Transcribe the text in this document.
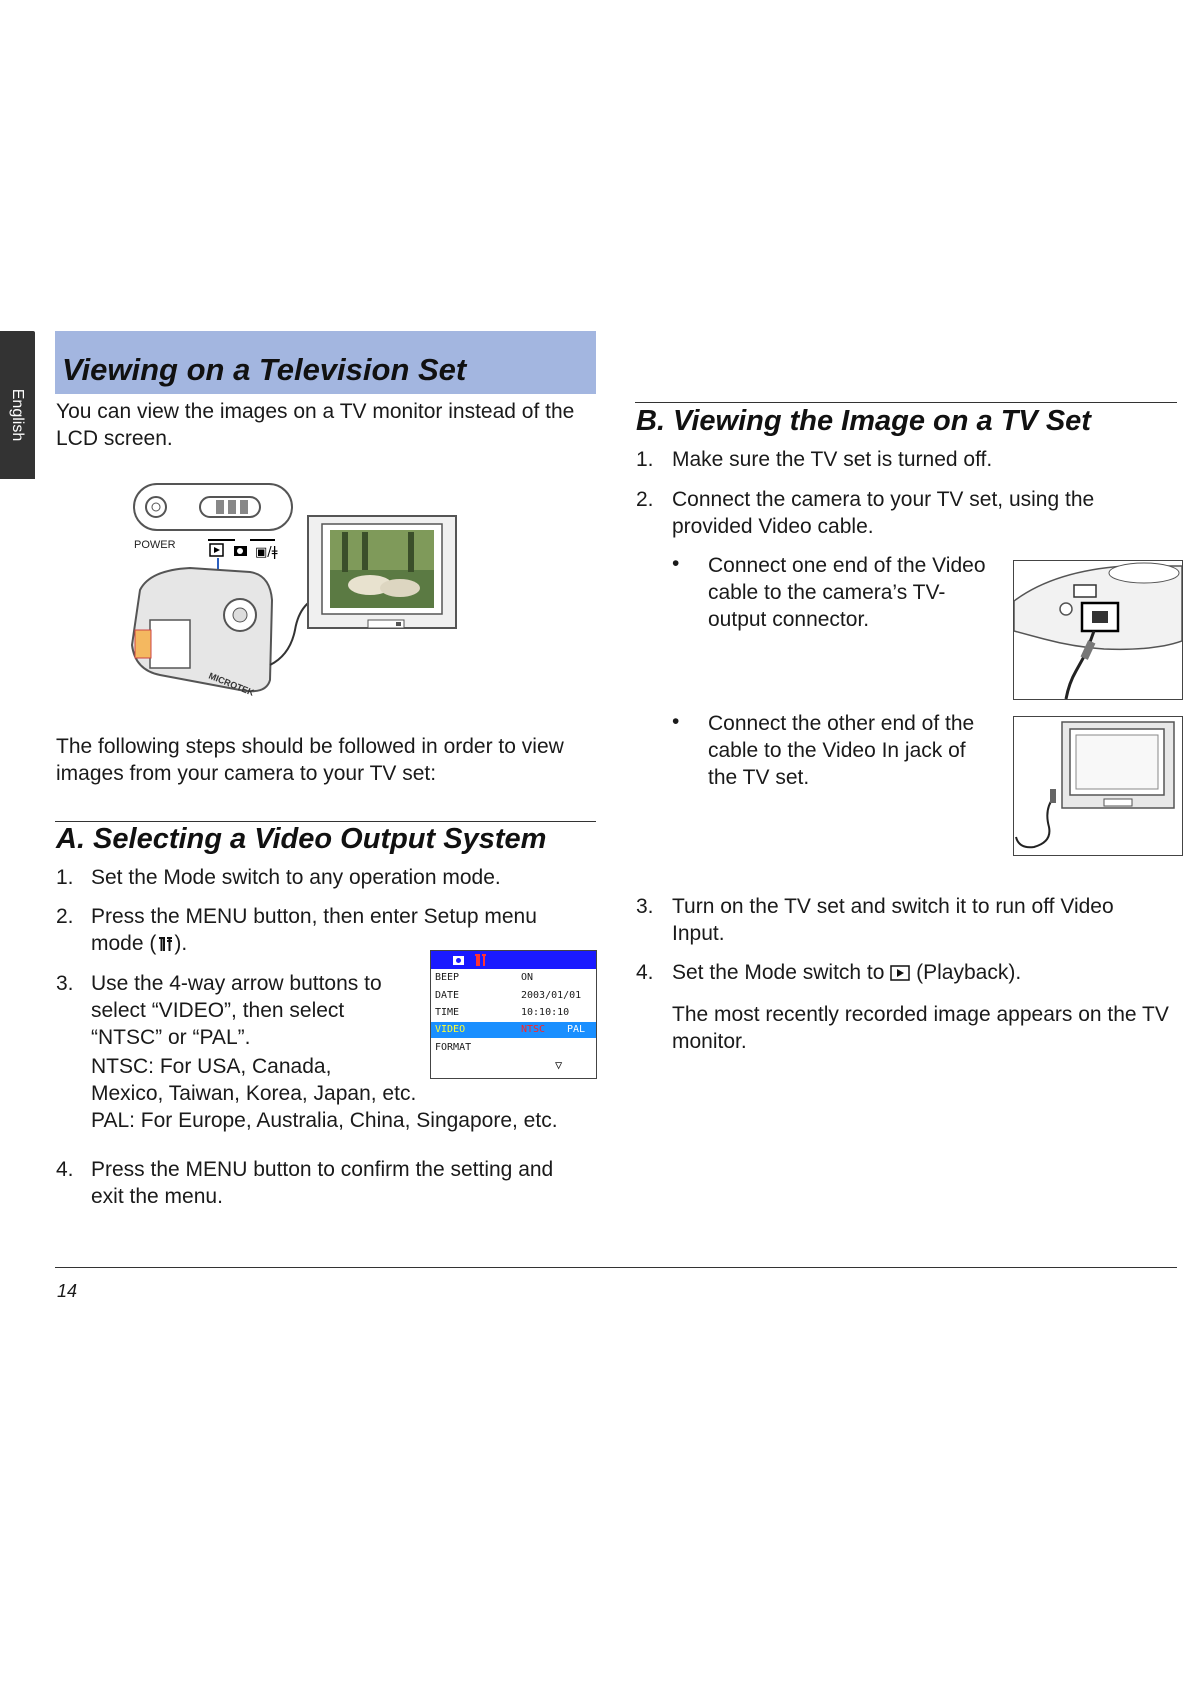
English
Viewing on a Television Set
You can view the images on a TV monitor instead of the LCD screen.
POWER	▣/ǂ
MICROTEK
The following steps should be followed in order to view images from your camera to your TV set:
A. Selecting a Video Output System
1. Set the Mode switch to any operation mode.
2. Press the MENU button, then enter Setup menu mode ( ).
3. Use the 4-way arrow buttons to select “VIDEO”, then select “NTSC” or “PAL”.
BEEP	ON
DATE	2003/01/01
TIME	10:10:10
VIDEO	NTSC PAL
FORMAT
▽
NTSC: For USA, Canada,
Mexico, Taiwan, Korea, Japan, etc.
PAL: For Europe, Australia, China, Singapore, etc.
4. Press the MENU button to confirm the setting and exit the menu.
B. Viewing the Image on a TV Set
1. Make sure the TV set is turned off.
2. Connect the camera to your TV set, using the provided Video cable.
• Connect one end of the Video cable to the camera’s TV-output connector.
• Connect the other end of the cable to the Video In jack of the TV set.
3. Turn on the TV set and switch it to run off Video Input.
4. Set the Mode switch to (Playback).
The most recently recorded image appears on the TV monitor.
14
